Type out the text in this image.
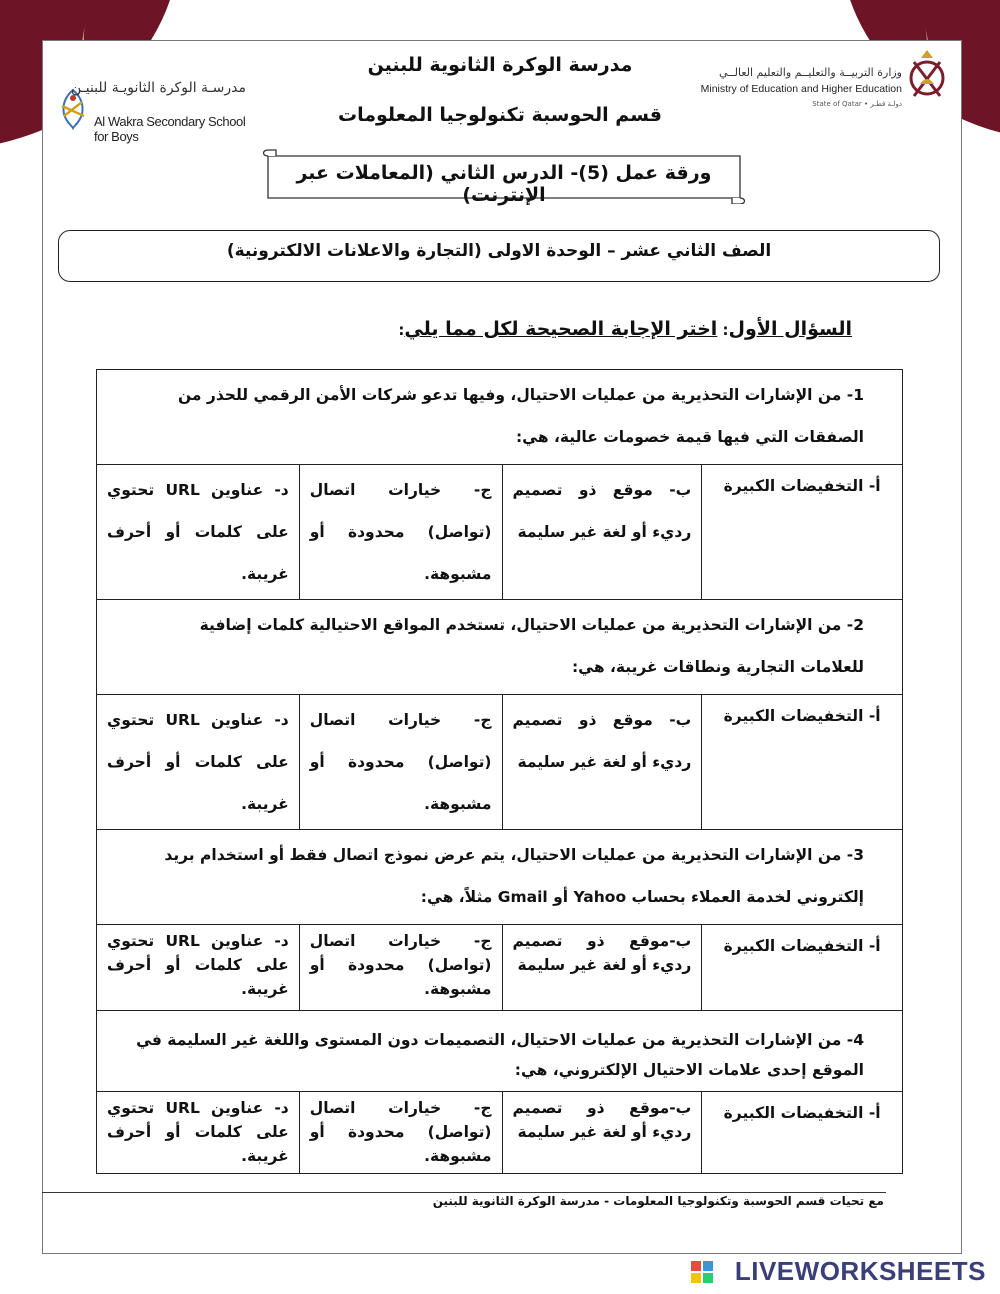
مدرسـة الوكرة الثانويـة للبنيـن
Al Wakra Secondary School for Boys
وزارة التربيــة والتعليــم والتعليم العالــي
Ministry of Education and Higher Education
State of Qatar • دولـة قطـر
مدرسة الوكرة الثانوية للبنين
قسم الحوسبة تكنولوجيا المعلومات
ورقة عمل (5)- الدرس الثاني (المعاملات عبر الإنترنت)
الصف الثاني عشر – الوحدة الاولى (التجارة والاعلانات الالكترونية)
السؤال الأول: اختر الإجابة الصحيحة لكل مما يلي:
1- من الإشارات التحذيرية من عمليات الاحتيال، وفيها تدعو شركات الأمن الرقمي للحذر من الصفقات التي فيها قيمة خصومات عالية، هي:			
أ- التخفيضات الكبيرة	ب- موقع ذو تصميم رديء أو لغة غير سليمة	ج- خيارات اتصال (تواصل) محدودة أو مشبوهة.	د- عناوين URL تحتوي على كلمات أو أحرف غريبة.
2- من الإشارات التحذيرية من عمليات الاحتيال، تستخدم المواقع الاحتيالية كلمات إضافية للعلامات التجارية ونطاقات غريبة، هي:			
أ- التخفيضات الكبيرة	ب- موقع ذو تصميم رديء أو لغة غير سليمة	ج- خيارات اتصال (تواصل) محدودة أو مشبوهة.	د- عناوين URL تحتوي على كلمات أو أحرف غريبة.
3- من الإشارات التحذيرية من عمليات الاحتيال، يتم عرض نموذج اتصال فقط أو استخدام بريد إلكتروني لخدمة العملاء بحساب Yahoo أو Gmail مثلاً، هي:			
أ- التخفيضات الكبيرة	ب-موقع ذو تصميم رديء أو لغة غير سليمة	ج- خيارات اتصال (تواصل) محدودة أو مشبوهة.	د- عناوين URL تحتوي على كلمات أو أحرف غريبة.
4- من الإشارات التحذيرية من عمليات الاحتيال، التصميمات دون المستوى واللغة غير السليمة في الموقع إحدى علامات الاحتيال الإلكتروني، هي:			
أ- التخفيضات الكبيرة	ب-موقع ذو تصميم رديء أو لغة غير سليمة	ج- خيارات اتصال (تواصل) محدودة أو مشبوهة.	د- عناوين URL تحتوي على كلمات أو أحرف غريبة.
مع تحيات قسم الحوسبة وتكنولوجيا المعلومات - مدرسة الوكرة الثانوية للبنين
LIVEWORKSHEETS
